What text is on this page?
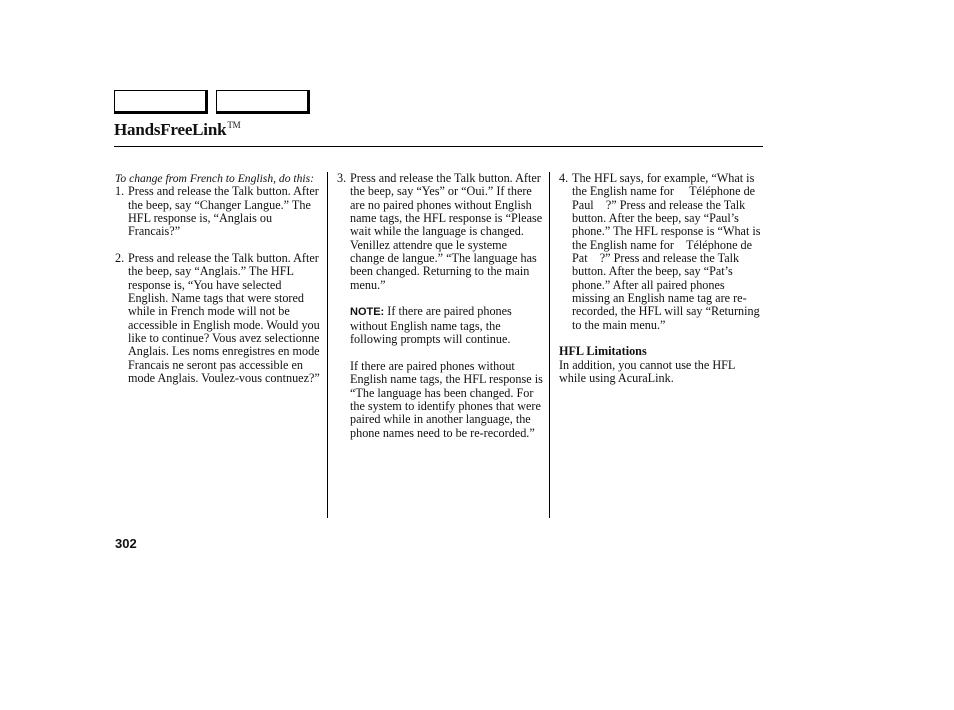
HandsFreeLink™
To change from French to English, do this:
1. Press and release the Talk button. After the beep, say “Changer Langue.” The HFL response is, “Anglais ou Francais?”
2. Press and release the Talk button. After the beep, say “Anglais.” The HFL response is, “You have selected English. Name tags that were stored while in French mode will not be accessible in English mode. Would you like to continue? Vous avez selectionne Anglais. Les noms enregistres en mode Francais ne seront pas accessible en mode Anglais. Voulez-vous contnuez?”
3. Press and release the Talk button. After the beep, say “Yes” or “Oui.” If there are no paired phones without English name tags, the HFL response is “Please wait while the language is changed. Venillez attendre que le systeme change de langue.” “The language has been changed. Returning to the main menu.”
NOTE: If there are paired phones without English name tags, the following prompts will continue.
If there are paired phones without English name tags, the HFL response is “The language has been changed. For the system to identify phones that were paired while in another language, the phone names need to be re-recorded.”
4. The HFL says, for example, “What is the English name for     Téléphone de Paul    ?” Press and release the Talk button. After the beep, say “Paul’s phone.” The HFL response is “What is the English name for    Téléphone de Pat    ?” Press and release the Talk button. After the beep, say “Pat’s phone.” After all paired phones missing an English name tag are re-recorded, the HFL will say “Returning to the main menu.”
HFL Limitations
In addition, you cannot use the HFL while using AcuraLink.
302
